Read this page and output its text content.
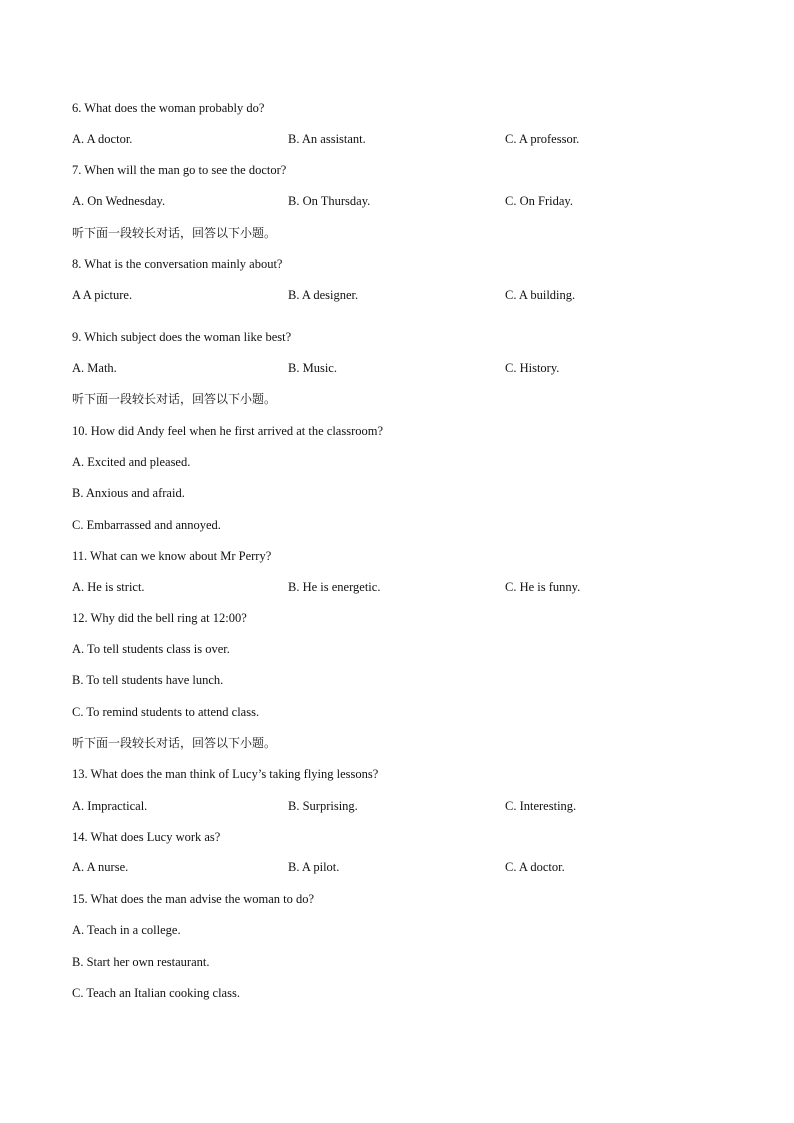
6. What does the woman probably do?
A. A doctor.	B. An assistant.	C. A professor.
7. When will the man go to see the doctor?
A. On Wednesday.	B. On Thursday.	C. On Friday.
听下面一段较长对话，回答以下小题。
8. What is the conversation mainly about?
A A picture.	B. A designer.	C. A building.
9. Which subject does the woman like best?
A. Math.	B. Music.	C. History.
听下面一段较长对话，回答以下小题。
10. How did Andy feel when he first arrived at the classroom?
A. Excited and pleased.
B. Anxious and afraid.
C. Embarrassed and annoyed.
11. What can we know about Mr Perry?
A. He is strict.	B. He is energetic.	C. He is funny.
12. Why did the bell ring at 12:00?
A. To tell students class is over.
B. To tell students have lunch.
C. To remind students to attend class.
听下面一段较长对话，回答以下小题。
13. What does the man think of Lucy’s taking flying lessons?
A. Impractical.	B. Surprising.	C. Interesting.
14. What does Lucy work as?
A. A nurse.	B. A pilot.	C. A doctor.
15. What does the man advise the woman to do?
A. Teach in a college.
B. Start her own restaurant.
C. Teach an Italian cooking class.
